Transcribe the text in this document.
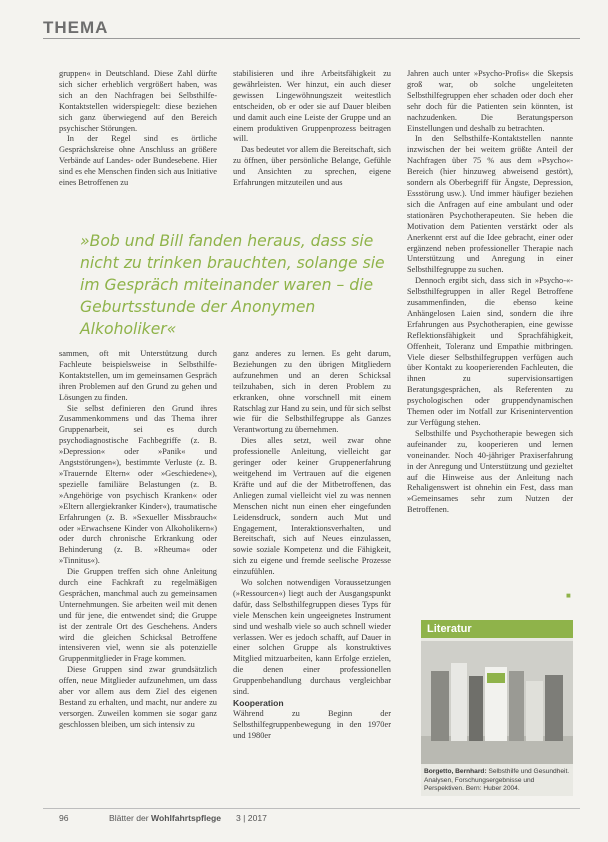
THEMA

gruppen« in Deutschland. Diese Zahl dürfte sich sicher erheblich vergrößert haben, was sich an den Nachfragen bei Selbsthilfe-Kontaktstellen widerspiegelt: diese beziehen sich ganz überwiegend auf den Bereich psychischer Störungen.

In der Regel sind es örtliche Gesprächskreise ohne Anschluss an größere Verbände auf Landes- oder Bundesebene. Hier sind es ehe Menschen finden sich aus Initiative eines Betroffenen zu

stabilisieren und ihre Arbeitsfähigkeit zu gewährleisten. Wer hinzut, ein auch dieser gewissen Lingewöhnungszeit weitestlich entscheiden, ob er oder sie auf Dauer bleiben und damit auch eine Leiste der Gruppe und an einem produktiven Gruppenprozess beitragen will.

Das bedeutet vor allem die Bereitschaft, sich zu öffnen, über persönliche Belange, Gefühle und Ansichten zu sprechen, eigene Erfahrungen mitzuteilen und aus

Jahren auch unter »Psycho-Profis« die Skepsis groß war, ob solche ungeleiteten Selbsthilfegruppen eher schaden oder doch eher sehr doch für die Patienten sein könnten, ist nachzudenken. Die Beratungsperson Einstellungen und deshalb zu betrachten.

In den Selbsthilfe-Kontaktstellen nannte inzwischen der bei weitem größte Anteil der Nachfragen über 75 % aus dem »Psycho«-Bereich (hier hinzuweg abweisend gestört), sondern als Oberbegriff für Ängste, Depression, Essstörung usw.). Und immer häufiger beziehen sich die Anfragen auf eine ambulant und oder stationären Psychotherapeuten. Sie heben die Motivation dem Patienten verstärkt oder als Anerkennt erst auf die Idee gebracht, einer oder ergänzend neben professioneller Therapie nach Unterstützung und Anregung in einer Selbsthilfegruppe zu suchen.

Dennoch ergibt sich, dass sich in »Psycho-«-Selbsthilfegruppen in aller Regel Betroffene zusammenfinden, die ebenso keine Anhängelosen Laien sind, sondern die ihre Erfahrungen aus Psychotherapien, eine gewisse Reflektionsfähigkeit und Sprachfähigkeit, Offenheit, Toleranz und Empathie mitbringen. Viele dieser Selbsthilfegruppen verfügen auch über Kontakt zu kooperierenden Fachleuten, die ihnen zu supervisionsartigen Beratungsgesprächen, als Referenten zu psychologischen oder gruppendynamischen Themen oder im Notfall zur Krisenintervention zur Verfügung stehen.

Selbsthilfe und Psychotherapie bewegen sich aufeinander zu, kooperieren und lernen voneinander. Noch 40-jähriger Praxiserfahrung in der Anregung und Unterstützung und gezieltet auf die Hinweise aus der Anleitung nach Rehaligenswert ist ohnehin ein Fest, dass man »Gemeinsames sehr zum Nutzen der Betroffenen.

»Bob und Bill fanden heraus, dass sie nicht zu trinken brauchten, solange sie im Gespräch miteinander waren – die Geburtsstunde der Anonymen Alkoholiker«

sammen, oft mit Unterstützung durch Fachleute beispielsweise in Selbsthilfe-Kontaktstellen, um im gemeinsamen Gespräch ihren Problemen auf den Grund zu gehen und Lösungen zu finden.

Sie selbst definieren den Grund ihres Zusammenkommens und das Thema ihrer Gruppenarbeit, sei es durch psychodiagnostische Fachbegriffe (z. B. »Depression« oder »Panik« und Angststörungen«), bestimmte Verluste (z. B. »Trauernde Eltern« oder »Geschiedene«), spezielle familiäre Belastungen (z. B. »Angehörige von psychisch Kranken« oder »Eltern allergiekranker Kinder«), traumatische Erfahrungen (z. B. »Sexueller Missbrauch« oder »Erwachsene Kinder von Alkoholikern«) oder durch chronische Erkrankung oder Behinderung (z. B. »Rheuma« oder »Tinnitus«).

Die Gruppen treffen sich ohne Anleitung durch eine Fachkraft zu regelmäßigen Gesprächen, manchmal auch zu gemeinsamen Unternehmungen. Sie arbeiten weil mit denen und für jene, die entwendet sind; die Gruppe ist der zentrale Ort des Geschehens. Anders wird die gleichen Schicksal Betroffene intensiveren viel, wenn sie als potenzielle Gruppenmitglieder in Frage kommen.

Diese Gruppen sind zwar grundsätzlich offen, neue Mitglieder aufzunehmen, um dass aber vor allem aus dem Ziel des eigenen Bestand zu erhalten, und macht, nur andere zu versorgen. Zuweilen kommen sie sogar ganz geschlossen bleiben, um sich intensiv zu

ganz anderes zu lernen. Es geht darum, Beziehungen zu den übrigen Mitgliedern aufzunehmen und an deren Schicksal teilzuhaben, sich in deren Problem zu erkranken, ohne vorschnell mit einem Ratschlag zur Hand zu sein, und für sich selbst wie für die Selbsthilfegruppe als Ganzes Verantwortung zu übernehmen.

Dies alles setzt, weil zwar ohne professionelle Anleitung, vielleicht gar geringer oder keiner Gruppenerfahrung weitgehend im Vertrauen auf die eigenen Kräfte und auf die der Mitbetroffenen, das Anliegen zumal vielleicht viel zu was nennen Menschen nicht nun einen eher eingefunden Leidensdruck, sondern auch Mut und Engagement, Interaktionsverhalten, und Bereitschaft, sich auf Neues einzulassen, sowie soziale Kompetenz und die Fähigkeit, sich zu eigene und fremde seelische Prozesse einzufühlen.

Wo solchen notwendigen Voraussetzungen (»Ressourcen«) liegt auch der Ausgangspunkt dafür, dass Selbsthilfegruppen dieses Typs für viele Menschen kein ungeeignetes Instrument sind und weshalb viele so auch schnell wieder verlassen. Wer es jedoch schafft, auf Dauer in einer solchen Gruppe als konstruktives Mitglied mitzuarbeiten, kann Erfolge erzielen, die denen einer professionellen Gruppenbehandlung durchaus vergleichbar sind.

Kooperation

Während zu Beginn der Selbsthilfegruppenbewegung in den 1970er und 1980er

■
Literatur
Borgetto, Bernhard: Selbsthilfe und Gesundheit. Analysen, Forschungsergebnisse und Perspektiven. Bern: Huber 2004.
96	Blätter der Wohlfahrtspflege 3 | 2017
